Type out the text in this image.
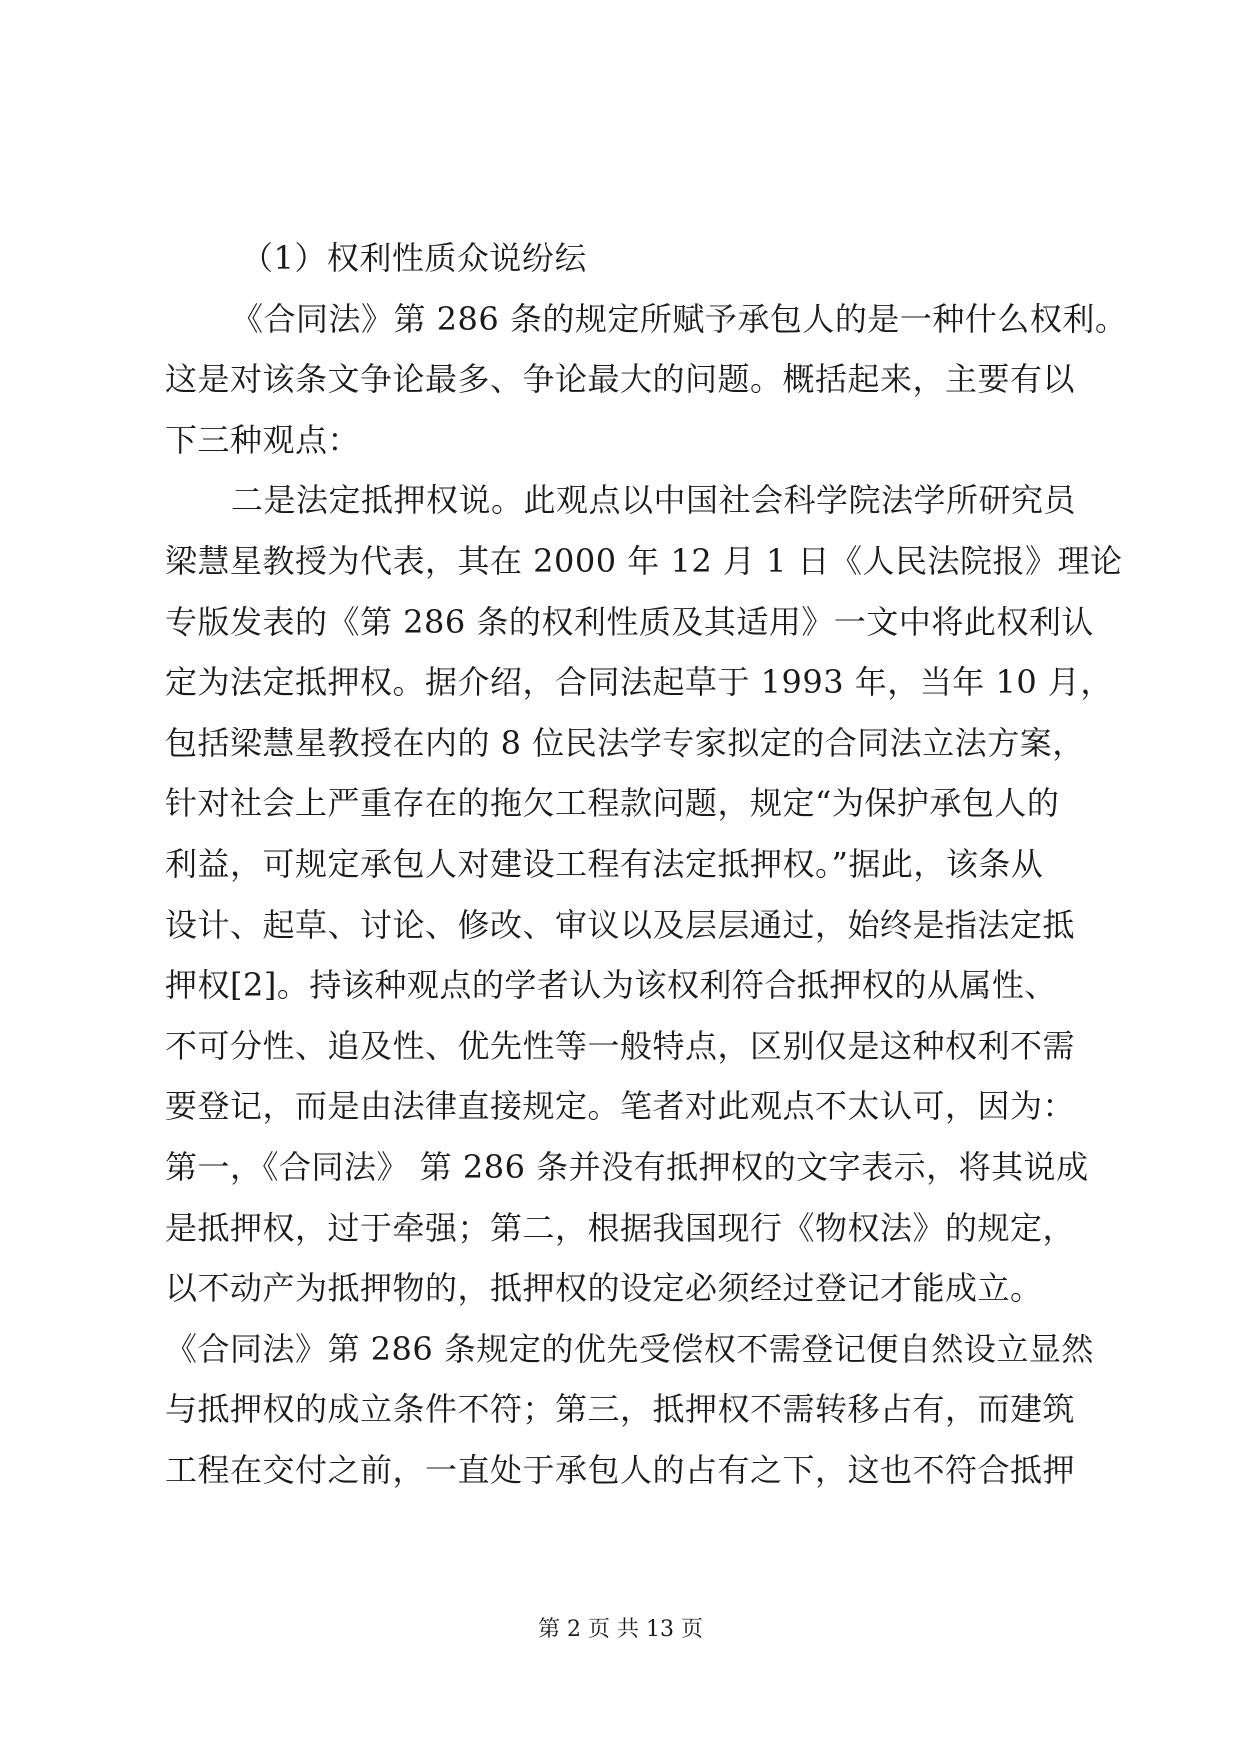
（1）权利性质众说纷纭
《合同法》第 286 条的规定所赋予承包人的是一种什么权利。
这是对该条文争论最多、争论最大的问题。概括起来，主要有以
下三种观点：
二是法定抵押权说。此观点以中国社会科学院法学所研究员
梁慧星教授为代表，其在 2000 年 12 月 1 日《人民法院报》理论
专版发表的《第 286 条的权利性质及其适用》一文中将此权利认
定为法定抵押权。据介绍，合同法起草于 1993 年，当年 10 月，
包括梁慧星教授在内的 8 位民法学专家拟定的合同法立法方案，
针对社会上严重存在的拖欠工程款问题，规定“为保护承包人的
利益，可规定承包人对建设工程有法定抵押权。”据此，该条从
设计、起草、讨论、修改、审议以及层层通过，始终是指法定抵
押权[2]。持该种观点的学者认为该权利符合抵押权的从属性、
不可分性、追及性、优先性等一般特点，区别仅是这种权利不需
要登记，而是由法律直接规定。笔者对此观点不太认可，因为：
第一，《合同法》 第 286 条并没有抵押权的文字表示，将其说成
是抵押权，过于牵强；第二，根据我国现行《物权法》的规定，
以不动产为抵押物的，抵押权的设定必须经过登记才能成立。
《合同法》第 286 条规定的优先受偿权不需登记便自然设立显然
与抵押权的成立条件不符；第三，抵押权不需转移占有，而建筑
工程在交付之前，一直处于承包人的占有之下，这也不符合抵押
第 2 页 共 13 页
